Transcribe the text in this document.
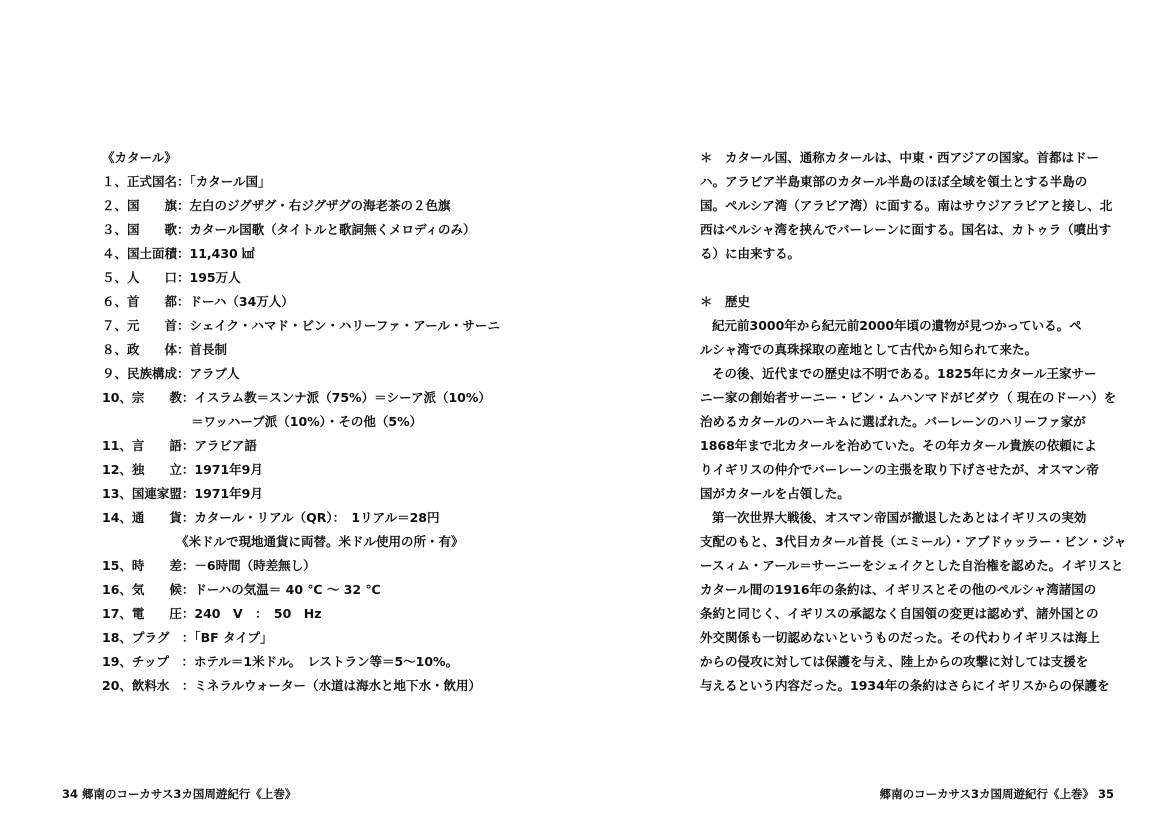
《カタール》
１、正式国名：「カタール国」
２、国　　旗：左白のジグザグ・右ジグザグの海老茶の２色旗
３、国　　歌：カタール国歌（タイトルと歌詞無くメロディのみ）
４、国土面積：11,430 ㎢
５、人　　口：195万人
６、首　　都：ドーハ（34万人）
７、元　　首：シェイク・ハマド・ビン・ハリーファ・アール・サーニ
８、政　　体：首長制
９、民族構成：アラブ人
10、宗　　教：イスラム教＝スンナ派（75%）＝シーア派（10%）
＝ワッハーブ派（10%）・その他（5%）
11、言　　語：アラビア語
12、独　　立：1971年9月
13、国連家盟：1971年9月
14、通　　貨：カタール・リアル（QR）：　1リアル＝28円
《米ドルで現地通貨に両替。米ドル使用の所・有》
15、時　　差：－6時間（時差無し）
16、気　　候：ドーハの気温＝ 40 ℃ ～ 32 ℃
17、電　　圧：240　V　：　50　Hz
18、プラグ　：「BF タイプ」
19、チップ　：ホテル＝1米ドル。　レストラン等＝5～10%。
20、飲料水　：ミネラルウォーター（水道は海水と地下水・飲用）
34 郷南のコーカサス3カ国周遊紀行《上巻》
＊　カタール国、通称カタールは、中東・西アジアの国家。首都はドー
ハ。アラビア半島東部のカタール半島のほぼ全域を領土とする半島の
国。ペルシア湾（アラビア湾）に面する。南はサウジアラビアと接し、北
西はペルシャ湾を挟んでバーレーンに面する。国名は、カトゥラ（噴出す
る）に由来する。
＊　歴史
紀元前3000年から紀元前2000年頃の遺物が見つかっている。ペ
ルシャ湾での真珠採取の産地として古代から知られて来た。
その後、近代までの歴史は不明である。1825年にカタール王家サー
ニー家の創始者サーニー・ビン・ムハンマドがビダウ（ 現在のドーハ）を
治めるカタールのハーキムに選ばれた。バーレーンのハリーファ家が
1868年まで北カタールを治めていた。その年カタール貴族の依頼によ
りイギリスの仲介でバーレーンの主張を取り下げさせたが、オスマン帝
国がカタールを占領した。
第一次世界大戦後、オスマン帝国が撤退したあとはイギリスの実効
支配のもと、3代目カタール首長（エミール）・アブドゥッラー・ビン・ジャ
ースィム・アール＝サーニーをシェイクとした自治権を認めた。イギリスと
カタール間の1916年の条約は、イギリスとその他のペルシャ湾諸国の
条約と同じく、イギリスの承認なく自国領の変更は認めず、諸外国との
外交関係も一切認めないというものだった。その代わりイギリスは海上
からの侵攻に対しては保護を与え、陸上からの攻撃に対しては支援を
与えるという内容だった。1934年の条約はさらにイギリスからの保護を
郷南のコーカサス3カ国周遊紀行《上巻》 35
